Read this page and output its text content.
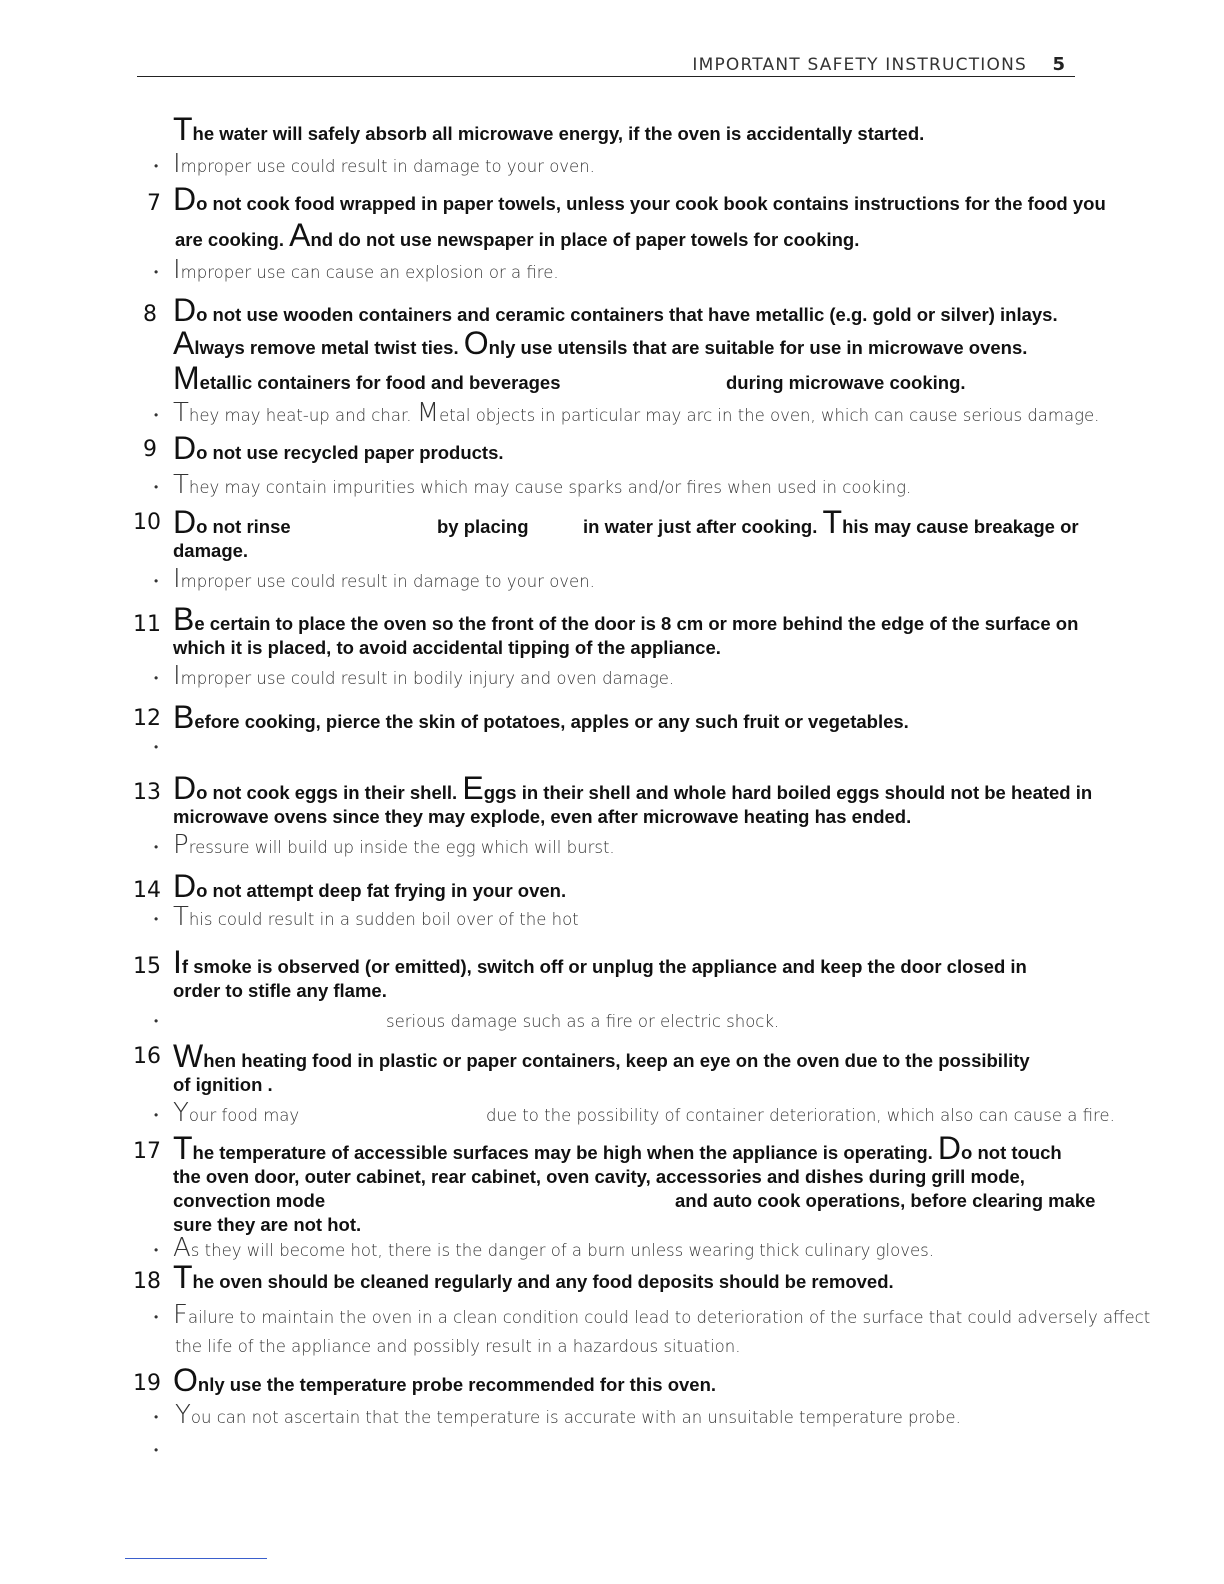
IMPORTANT SAFETY INSTRUCTIONS 5
The water will safely absorb all microwave energy, if the oven is accidentally started.
Improper use could result in damage to your oven.
7 Do not cook food wrapped in paper towels, unless your cook book contains instructions for the food you
are cooking. And do not use newspaper in place of paper towels for cooking.
Improper use can cause an explosion or a fire.
8 Do not use wooden containers and ceramic containers that have metallic (e.g. gold or silver) inlays.
Always remove metal twist ties. Only use utensils that are suitable for use in microwave ovens.
Metallic containers for food and beverages	during microwave cooking.
They may heat-up and char. Metal objects in particular may arc in the oven, which can cause serious damage.
9 Do not use recycled paper products.
They may contain impurities which may cause sparks and/or fires when used in cooking.
10 Do not rinse	by placing	in water just after cooking. This may cause breakage or
damage.
Improper use could result in damage to your oven.
11 Be certain to place the oven so the front of the door is 8 cm or more behind the edge of the surface on
which it is placed, to avoid accidental tipping of the appliance.
Improper use could result in bodily injury and oven damage.
12 Before cooking, pierce the skin of potatoes, apples or any such fruit or vegetables.
13 Do not cook eggs in their shell. Eggs in their shell and whole hard boiled eggs should not be heated in
microwave ovens since they may explode, even after microwave heating has ended.
Pressure will build up inside the egg which will burst.
14 Do not attempt deep fat frying in your oven.
This could result in a sudden boil over of the hot
15 If smoke is observed (or emitted), switch off or unplug the appliance and keep the door closed in
order to stifle any flame.
serious damage such as a fire or electric shock.
16 When heating food in plastic or paper containers, keep an eye on the oven due to the possibility
of ignition .
Your food may	due to the possibility of container deterioration, which also can cause a fire.
17 The temperature of accessible surfaces may be high when the appliance is operating. Do not touch
the oven door, outer cabinet, rear cabinet, oven cavity, accessories and dishes during grill mode,
convection mode	and auto cook operations, before clearing make
sure they are not hot.
As they will become hot, there is the danger of a burn unless wearing thick culinary gloves.
18 The oven should be cleaned regularly and any food deposits should be removed.
Failure to maintain the oven in a clean condition could lead to deterioration of the surface that could adversely affect
the life of the appliance and possibly result in a hazardous situation.
19 Only use the temperature probe recommended for this oven.
You can not ascertain that the temperature is accurate with an unsuitable temperature probe.
•
•
•
•
•
•
•
•
•
•
•
•
•
•
•
